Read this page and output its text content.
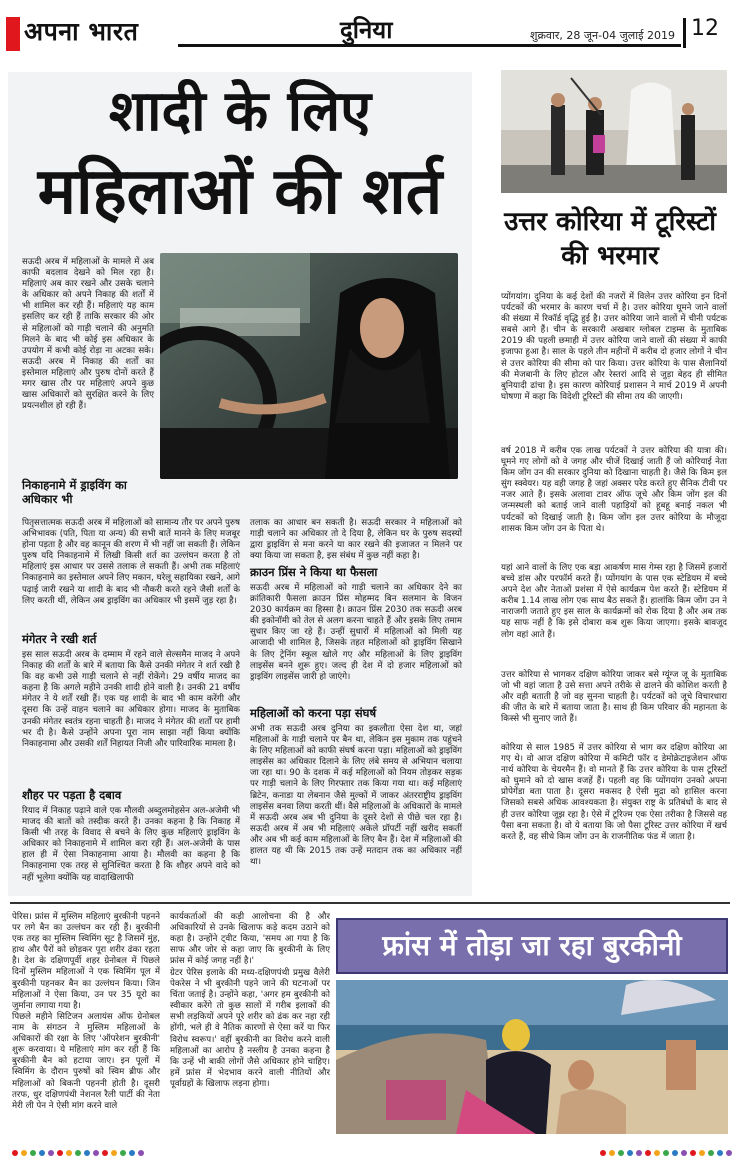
अपना भारत	दुनिया	शुक्रवार, 28 जून-04 जुलाई 2019 12
शादी के लिए
महिलाओं की शर्त
सऊदी अरब में महिलाओं के मामले में अब काफी बदलाव देखने को मिल रहा है। महिलाएं अब कार रखने और उसके चलाने के अधिकार को अपने निकाह की शर्तों में भी शामिल कर रही हैं। महिलाएं यह काम इसलिए कर रही हैं ताकि सरकार की ओर से महिलाओं को गाड़ी चलाने की अनुमति मिलने के बाद भी कोई इस अधिकार के उपयोग में कभी कोई रोड़ा ना अटका सके। सऊदी अरब में निकाह की शर्तों का इस्तेमाल महिलाएं और पुरुष दोनों करते हैं मगर खास तौर पर महिलाएं अपने कुछ खास अधिकारों को सुरक्षित करने के लिए प्रयत्नशील हो रही हैं।
निकाहनामे में ड्राइविंग का अधिकार भी
पितृसत्तात्मक सऊदी अरब में महिलाओं को सामान्य तौर पर अपने पुरुष अभिभावक (पति, पिता या अन्य) की सभी बातें मानने के लिए मजबूर होना पड़ता है और वह कानून की शरण में भी नहीं जा सकती हैं। लेकिन पुरुष यदि निकाहनामे में लिखी किसी शर्त का उल्लंघन करता है तो महिलाएं इस आधार पर उससे तलाक ले सकती हैं। अभी तक महिलाएं निकाहनामे का इस्तेमाल अपने लिए मकान, घरेलू सहायिका रखने, आगे पढ़ाई जारी रखने या शादी के बाद भी नौकरी करते रहने जैसी शर्तों के लिए करती थीं, लेकिन अब ड्राइविंग का अधिकार भी इसमें जुड़ रहा है।
मंगेतर ने रखी शर्त
इस साल सऊदी अरब के दम्माम में रहने वाले सेल्समैन माजद ने अपने निकाह की शर्तों के बारे में बताया कि कैसे उनकी मंगेतर ने शर्त रखी है कि वह कभी उसे गाड़ी चलाने से नहीं रोकेंगे। 29 वर्षीय माजद का कहना है कि अगले महीने उनकी शादी होने वाली है। उनकी 21 वर्षीय मंगेतर ने ये शर्तें रखी हैं। एक यह शादी के बाद भी काम करेंगी और दूसरा कि उन्हें वाहन चलाने का अधिकार होगा। माजद के मुताबिक उनकी मंगेतर स्वतंत्र रहना चाहती है। माजद ने मंगेतर की शर्तों पर हामी भर दी है। कैसे उन्होंने अपना पूरा नाम साझा नहीं किया क्योंकि निकाहनामा और उसकी शर्तें निहायत निजी और पारिवारिक मामला है।
शौहर पर पड़ता है दबाव
रियाद में निकाह पढ़ाने वाले एक मौलवी अब्दुलमोहसेन अल-अजेमी भी माजद की बातों को तस्दीक करते हैं। उनका कहना है कि निकाह में किसी भी तरह के विवाद से बचने के लिए कुछ महिलाएं ड्राइविंग के अधिकार को निकाहनामे में शामिल करा रही हैं। अल-अजेमी के पास हाल ही में ऐसा निकाहनामा आया है। मौलवी का कहना है कि निकाहनामा एक तरह से सुनिश्चित करता है कि शौहर अपने वादे को नहीं भूलेगा क्योंकि यह वादाखिलाफी
तलाक का आधार बन सकती है। सऊदी सरकार ने महिलाओं को गाड़ी चलाने का अधिकार तो दे दिया है, लेकिन घर के पुरुष सदस्यों द्वारा ड्राइविंग से मना करने या कार रखने की इजाजत न मिलने पर क्या किया जा सकता है, इस संबंध में कुछ नहीं कहा है।
क्राउन प्रिंस ने किया था फैसला
सऊदी अरब में महिलाओं को गाड़ी चलाने का अधिकार देने का क्रांतिकारी फैसला क्राउन प्रिंस मोहम्मद बिन सलमान के विजन 2030 कार्यक्रम का हिस्सा है। क्राउन प्रिंस 2030 तक सऊदी अरब की इकोनॉमी को तेल से अलग करना चाहते हैं और इसके लिए तमाम सुधार किए जा रहे हैं। उन्हीं सुधारों में महिलाओं को मिली यह आजादी भी शामिल है, जिसके तहत महिलाओं को ड्राइविंग सिखाने के लिए ट्रेनिंग स्कूल खोले गए और महिलाओं के लिए ड्राइविंग लाइसेंस बनने शुरू हुए। जल्द ही देश में दो हजार महिलाओं को ड्राइविंग लाइसेंस जारी हो जाएंगे।
महिलाओं को करना पड़ा संघर्ष
अभी तक सऊदी अरब दुनिया का इकलौता ऐसा देश था, जहां महिलाओं के गाड़ी चलाने पर बैन था, लेकिन इस मुकाम तक पहुंचने के लिए महिलाओं को काफी संघर्ष करना पड़ा। महिलाओं को ड्राइविंग लाइसेंस का अधिकार दिलाने के लिए लंबे समय से अभियान चलाया जा रहा था। 90 के दशक में कई महिलाओं को नियम तोड़कर सड़क पर गाड़ी चलाने के लिए गिरफ्तार तक किया गया था। कई महिलाएं ब्रिटेन, कनाडा या लेबनान जैसे मुल्कों में जाकर अंतरराष्ट्रीय ड्राइविंग लाइसेंस बनवा लिया करती थीं। वैसे महिलाओं के अधिकारों के मामले में सऊदी अरब अब भी दुनिया के दूसरे देशों से पीछे चल रहा है। सऊदी अरब में अब भी महिलाएं अकेले प्रॉपर्टी नहीं खरीद सकतीं और अब भी कई काम महिलाओं के लिए बैन हैं। देश में महिलाओं की हालत यह थी कि 2015 तक उन्हें मतदान तक का अधिकार नहीं था।
उत्तर कोरिया में टूरिस्टों की भरमार
प्योंगयांग। दुनिया के कई देशों की नजरों में विलेन उत्तर कोरिया इन दिनों पर्यटकों की भरमार के कारण चर्चा में है। उत्तर कोरिया घूमने जाने वालों की संख्या में रिकॉर्ड वृद्धि हुई है। उत्तर कोरिया जाने वालों में चीनी पर्यटक सबसे आगे हैं। चीन के सरकारी अखबार ग्लोबल टाइम्स के मुताबिक 2019 की पहली छमाही में उत्तर कोरिया जाने वालों की संख्या में काफी इजाफा हुआ है। साल के पहले तीन महीनों में करीब दो हजार लोगों ने चीन से उत्तर कोरिया की सीमा को पार किया। उत्तर कोरिया के पास सैलानियों की मेजबानी के लिए होटल और रेस्तरां आदि से जुड़ा बेहद ही सीमित बुनियादी ढांचा है। इस कारण कोरियाई प्रशासन ने मार्च 2019 में अपनी घोषणा में कहा कि विदेशी टूरिस्टों की सीमा तय की जाएगी।
वर्ष 2018 में करीब एक लाख पर्यटकों ने उत्तर कोरिया की यात्रा की। घूमने गए लोगों को वे जगह और चीजें दिखाई जाती हैं जो कोरियाई नेता किम जोंग उन की सरकार दुनिया को दिखाना चाहती है। जैसे कि किम इल सुंग स्क्वेयर। यह वही जगह है जहां अक्सर परेड करते हुए सैनिक टीवी पर नजर आते हैं। इसके अलावा टावर ऑफ जूचे और किम जोंग इल की जन्मस्थली को बताई जाने वाली पहाड़ियों को हूबहू बनाई नकल भी पर्यटकों को दिखाई जाती है। किम जोंग इल उत्तर कोरिया के मौजूदा शासक किम जोंग उन के पिता थे।
यहां आने वालों के लिए एक बड़ा आकर्षण मास गेम्स रहा है जिसमें हजारों बच्चे डांस और परफॉर्म करते हैं। प्योंगयांग के पास एक स्टेडियम में बच्चे अपने देश और नेताओं प्रशंसा में ऐसे कार्यक्रम पेश करते हैं। स्टेडियम में करीब 1.14 लाख लोग एक साथ बैठ सकते हैं। हालांकि किम जोंग उन ने नाराजगी जताते हुए इस साल के कार्यक्रमों को रोक दिया है और अब तक यह साफ नहीं है कि इसे दोबारा कब शुरू किया जाएगा। इसके बावजूद लोग वहां आते हैं।
उत्तर कोरिया से भागकर दक्षिण कोरिया जाकर बसे ग्यूंग्ज जू के मुताबिक जो भी वहां जाता है उसे सत्ता अपने तरीके से ढालने की कोशिश करती है और वही बताती है जो वह सुनना चाहती है। पर्यटकों को जूचे विचारधारा की जीत के बारे में बताया जाता है। साथ ही किम परिवार की महानता के किस्से भी सुनाए जाते हैं।
कोरिया से साल 1985 में उत्तर कोरिया से भाग कर दक्षिण कोरिया आ गए थे। वो आज दक्षिण कोरिया में कमिटी फॉर द डेमोक्रेटाइजेशन ऑफ नार्थ कोरिया के चेयरमैन हैं। वो मानते हैं कि उत्तर कोरिया के पास टूरिस्टों को घुमाने को दो खास वजहें हैं। पहली वह कि प्योंगयांग उनको अपना प्रोपेगेंडा बता पाता है। दूसरा मकसद है ऐसी मुद्रा को हासिल करना जिसको सबसे अधिक आवश्यकता है। संयुक्त राष्ट्र के प्रतिबंधों के बाद से ही उत्तर कोरिया जूझ रहा है। ऐसे में टूरिज्म एक ऐसा तरीका है जिससे वह पैसा बना सकता है। वो ये बताया कि जो पैसा टूरिस्ट उत्तर कोरिया में खर्च करते हैं, वह सीधे किम जोंग उन के राजनीतिक फंड में जाता है।
पेरिस। फ्रांस में मुस्लिम महिलाएं बुरकीनी पहनने पर लगे बैन का उल्लंघन कर रही हैं। बुरकीनी एक तरह का मुस्लिम स्विमिंग सूट है जिसमें मुंह, हाथ और पैरों को छोड़कर पूरा शरीर ढंका रहता है। देश के दक्षिणपूर्वी शहर ग्रेनोबल में पिछले दिनों मुस्लिम महिलाओं ने एक स्विमिंग पूल में बुरकीनी पहनकर बैन का उल्लंघन किया। जिन महिलाओं ने ऐसा किया, उन पर 35 यूरो का जुर्माना लगाया गया है।
पिछले महीने सिटिजन अलायंस ऑफ ग्रेनोबल नाम के संगठन ने मुस्लिम महिलाओं के अधिकारों की रक्षा के लिए 'ऑपरेशन बुरकीनी' शुरू करवाया। ये महिलाएं मांग कर रही हैं कि बुरकीनी बैन को हटाया जाए। इन पूलों में स्विमिंग के दौरान पुरुषों को स्विम ब्रीफ और महिलाओं को बिकनी पहननी होती है। दूसरी तरफ, धुर दक्षिणपंथी नेशनल रैली पार्टी की नेता मेरी ली पेन ने ऐसी मांग करने वाले
कार्यकर्ताओं की कड़ी आलोचना की है और अधिकारियों से उनके खिलाफ कड़े कदम उठाने को कहा है। उन्होंने ट्वीट किया, 'समय आ गया है कि साफ और जोर से कहा जाए कि बुरकीनी के लिए फ्रांस में कोई जगह नहीं है।'
ग्रेटर पेरिस इलाके की मध्य-दक्षिणपंथी प्रमुख वैलेरी पेकरेस ने भी बुरकीनी पहने जाने की घटनाओं पर चिंता जताई है। उन्होंने कहा, 'अगर हम बुरकीनी को स्वीकार करेंगे तो कुछ सालों में गरीब इलाकों की सभी लड़कियों अपने पूरे शरीर को ढंक कर नहा रही होंगी, भले ही वे नैतिक कारणों से ऐसा करें या फिर विरोध स्वरूप।' वहीं बुरकीनी का विरोध करने वाली महिलाओं का आरोप है नस्लीय है उनका कहना है कि उन्हें भी बाकी लोगों जैसे अधिकार होने चाहिए। हमें फ्रांस में भेदभाव करने वाली नीतियों और पूर्वाग्रहों के खिलाफ लड़ना होगा।
फ्रांस में तोड़ा जा रहा बुरकीनी
